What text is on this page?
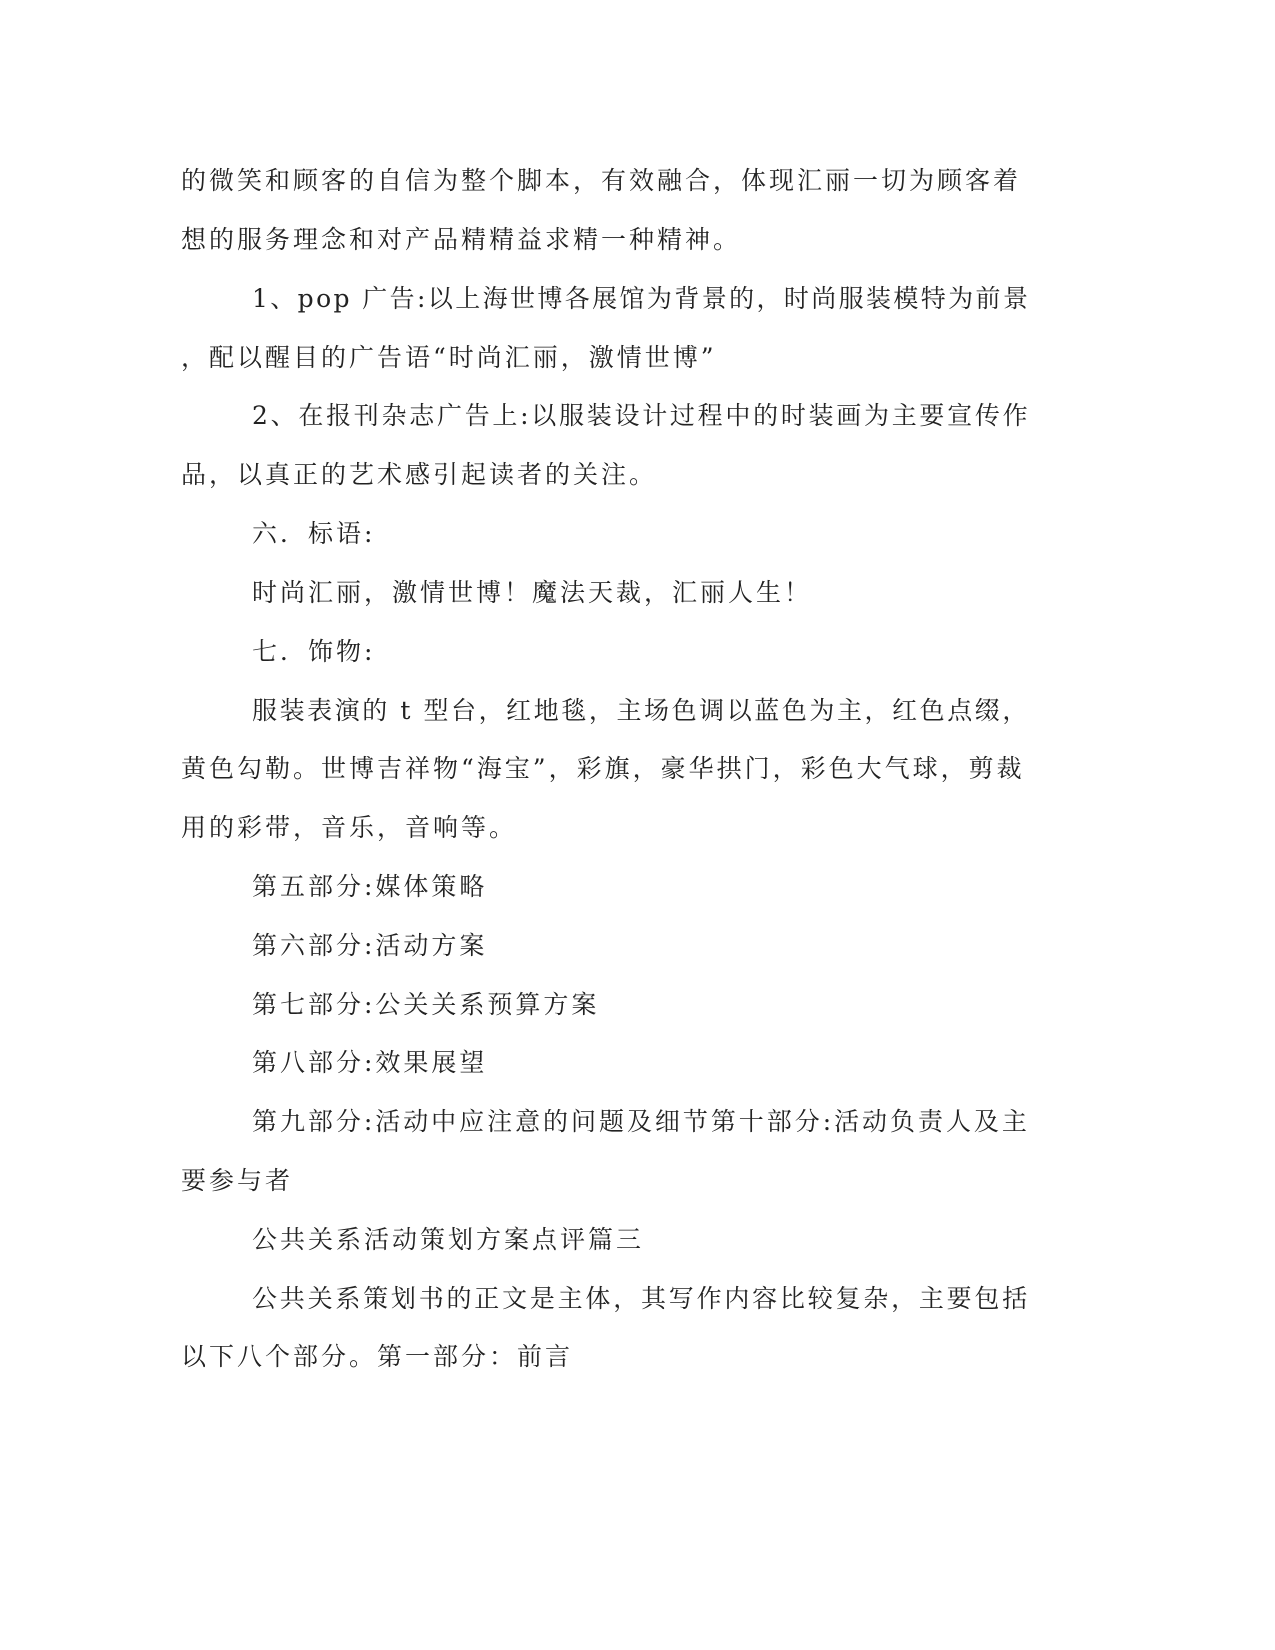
的微笑和顾客的自信为整个脚本，有效融合，体现汇丽一切为顾客着
想的服务理念和对产品精精益求精一种精神。
1、pop 广告:以上海世博各展馆为背景的，时尚服装模特为前景
，配以醒目的广告语“时尚汇丽，激情世博”
2、在报刊杂志广告上:以服装设计过程中的时装画为主要宣传作
品，以真正的艺术感引起读者的关注。
六．标语:
时尚汇丽，激情世博！魔法天裁，汇丽人生！
七．饰物:
服装表演的 t 型台，红地毯，主场色调以蓝色为主，红色点缀，
黄色勾勒。世博吉祥物“海宝”，彩旗，豪华拱门，彩色大气球，剪裁
用的彩带，音乐，音响等。
第五部分:媒体策略
第六部分:活动方案
第七部分:公关关系预算方案
第八部分:效果展望
第九部分:活动中应注意的问题及细节第十部分:活动负责人及主
要参与者
公共关系活动策划方案点评篇三
公共关系策划书的正文是主体，其写作内容比较复杂，主要包括
以下八个部分。第一部分：前言
